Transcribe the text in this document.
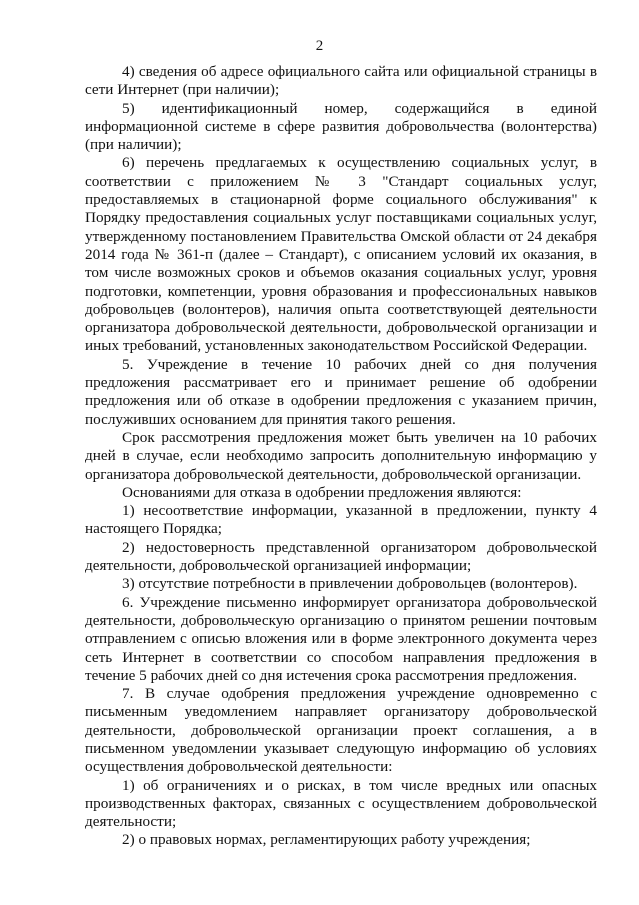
2

4) сведения об адресе официального сайта или официальной страницы в сети Интернет (при наличии);

5) идентификационный номер, содержащийся в единой информационной системе в сфере развития добровольчества (волонтерства) (при наличии);

6) перечень предлагаемых к осуществлению социальных услуг, в соответствии с приложением № 3 "Стандарт социальных услуг, предоставляемых в стационарной форме социального обслуживания" к Порядку предоставления социальных услуг поставщиками социальных услуг, утвержденному постановлением Правительства Омской области от 24 декабря 2014 года № 361-п (далее – Стандарт), с описанием условий их оказания, в том числе возможных сроков и объемов оказания социальных услуг, уровня подготовки, компетенции, уровня образования и профессиональных навыков добровольцев (волонтеров), наличия опыта соответствующей деятельности организатора добровольческой деятельности, добровольческой организации и иных требований, установленных законодательством Российской Федерации.

5. Учреждение в течение 10 рабочих дней со дня получения предложения рассматривает его и принимает решение об одобрении предложения или об отказе в одобрении предложения с указанием причин, послуживших основанием для принятия такого решения.

Срок рассмотрения предложения может быть увеличен на 10 рабочих дней в случае, если необходимо запросить дополнительную информацию у организатора добровольческой деятельности, добровольческой организации.

Основаниями для отказа в одобрении предложения являются:

1) несоответствие информации, указанной в предложении, пункту 4 настоящего Порядка;

2) недостоверность представленной организатором добровольческой деятельности, добровольческой организацией информации;

3) отсутствие потребности в привлечении добровольцев (волонтеров).

6. Учреждение письменно информирует организатора добровольческой деятельности, добровольческую организацию о принятом решении почтовым отправлением с описью вложения или в форме электронного документа через сеть Интернет в соответствии со способом направления предложения в течение 5 рабочих дней со дня истечения срока рассмотрения предложения.

7. В случае одобрения предложения учреждение одновременно с письменным уведомлением направляет организатору добровольческой деятельности, добровольческой организации проект соглашения, а в письменном уведомлении указывает следующую информацию об условиях осуществления добровольческой деятельности:

1) об ограничениях и о рисках, в том числе вредных или опасных производственных факторах, связанных с осуществлением добровольческой деятельности;

2) о правовых нормах, регламентирующих работу учреждения;
